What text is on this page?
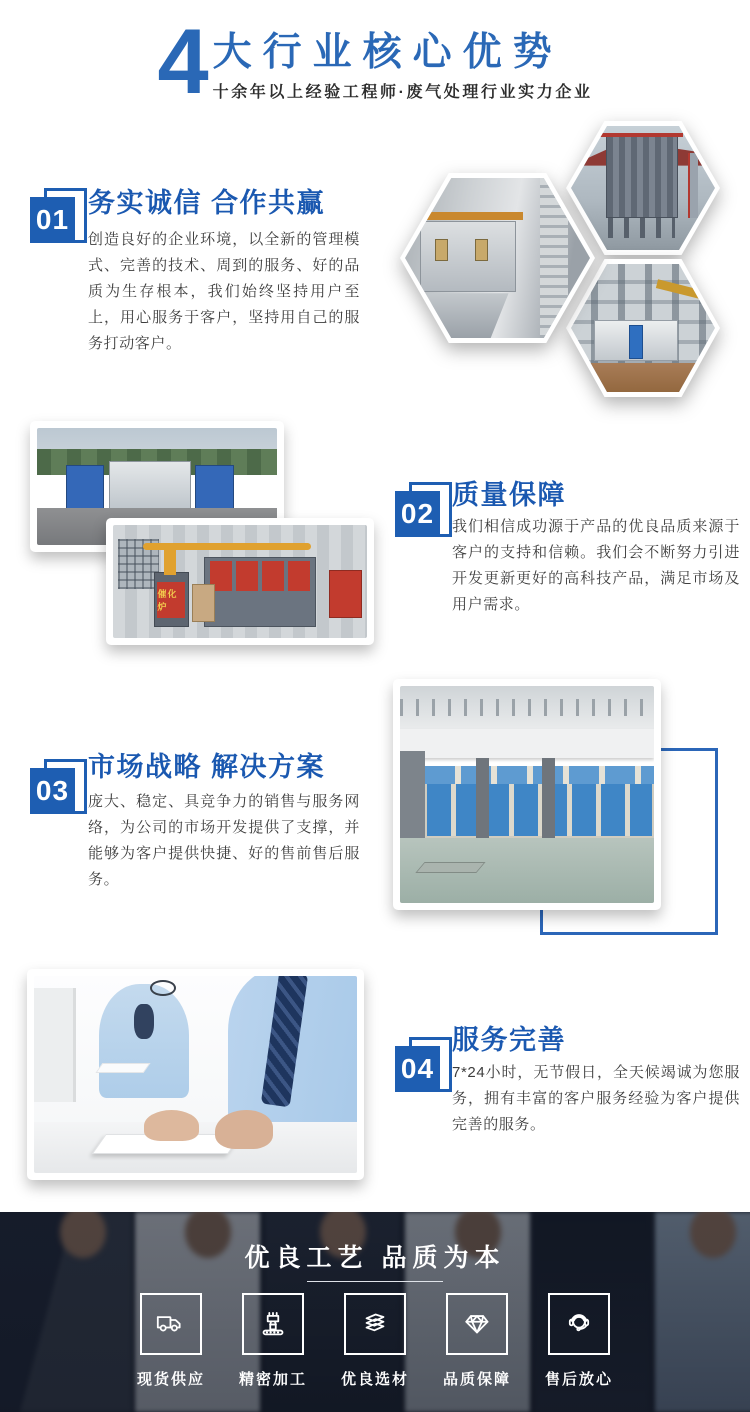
4 大行业核心优势
十余年以上经验工程师·废气处理行业实力企业
01
务实诚信 合作共赢

创造良好的企业环境，以全新的管理模式、完善的技术、周到的服务、好的品质为生存根本，我们始终坚持用户至上，用心服务于客户，坚持用自己的服务打动客户。

催化炉
02
质量保障

我们相信成功源于产品的优良品质来源于客户的支持和信赖。我们会不断努力引进开发更新更好的高科技产品，满足市场及用户需求。

03
市场战略 解决方案

庞大、稳定、具竞争力的销售与服务网络，为公司的市场开发提供了支撑，并能够为客户提供快捷、好的售前售后服务。

04
服务完善

7*24小时，无节假日，全天候竭诚为您服务，拥有丰富的客户服务经验为客户提供完善的服务。

优良工艺 品质为本
现货供应 精密加工 优良选材 品质保障 售后放心
